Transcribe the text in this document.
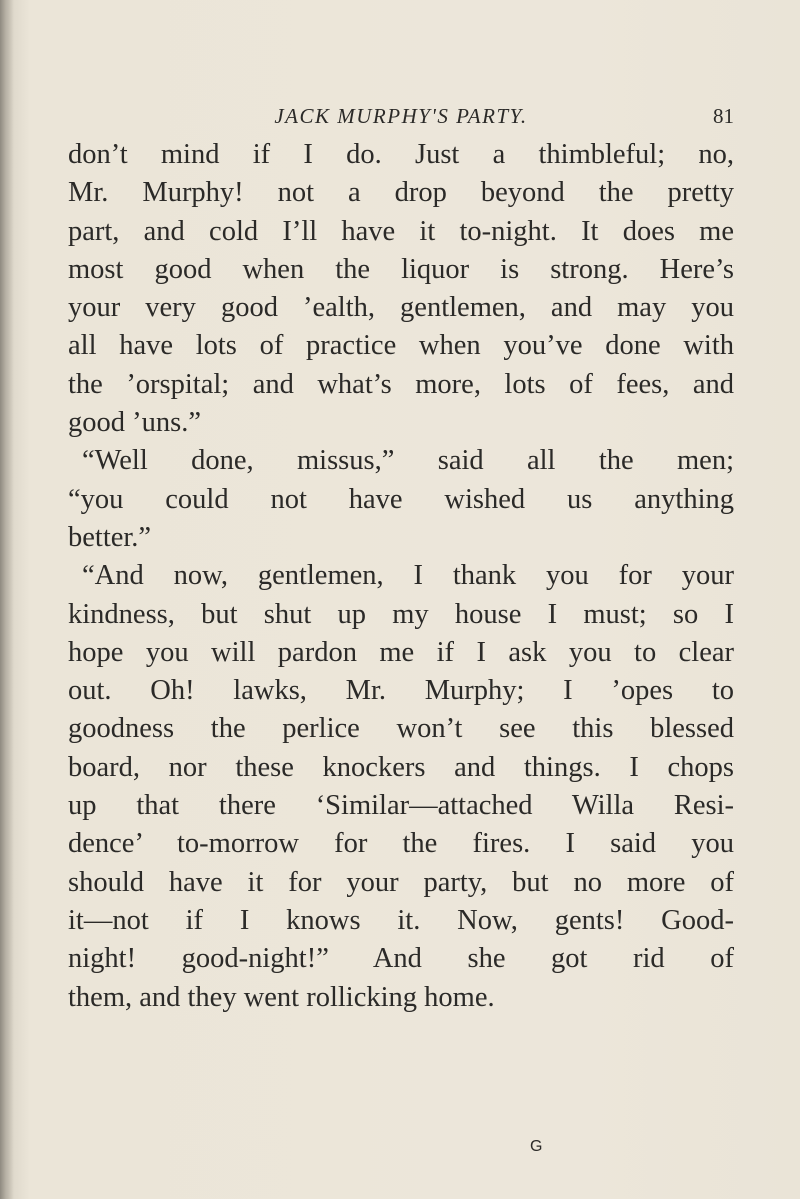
JACK MURPHY'S PARTY.	81
don’t mind if I do. Just a thimbleful; no,
Mr. Murphy! not a drop beyond the pretty
part, and cold I’ll have it to-night. It does me
most good when the liquor is strong. Here’s
your very good ’ealth, gentlemen, and may you
all have lots of practice when you’ve done with
the ’orspital; and what’s more, lots of fees, and
good ’uns.”
“Well done, missus,” said all the men;
“you could not have wished us anything
better.”
“And now, gentlemen, I thank you for your
kindness, but shut up my house I must; so I
hope you will pardon me if I ask you to clear
out. Oh! lawks, Mr. Murphy; I ’opes to
goodness the perlice won’t see this blessed
board, nor these knockers and things. I chops
up that there ‘Similar—attached Willa Resi-
dence’ to-morrow for the fires. I said you
should have it for your party, but no more of
it—not if I knows it. Now, gents! Good-
night! good-night!” And she got rid of
them, and they went rollicking home.
G
